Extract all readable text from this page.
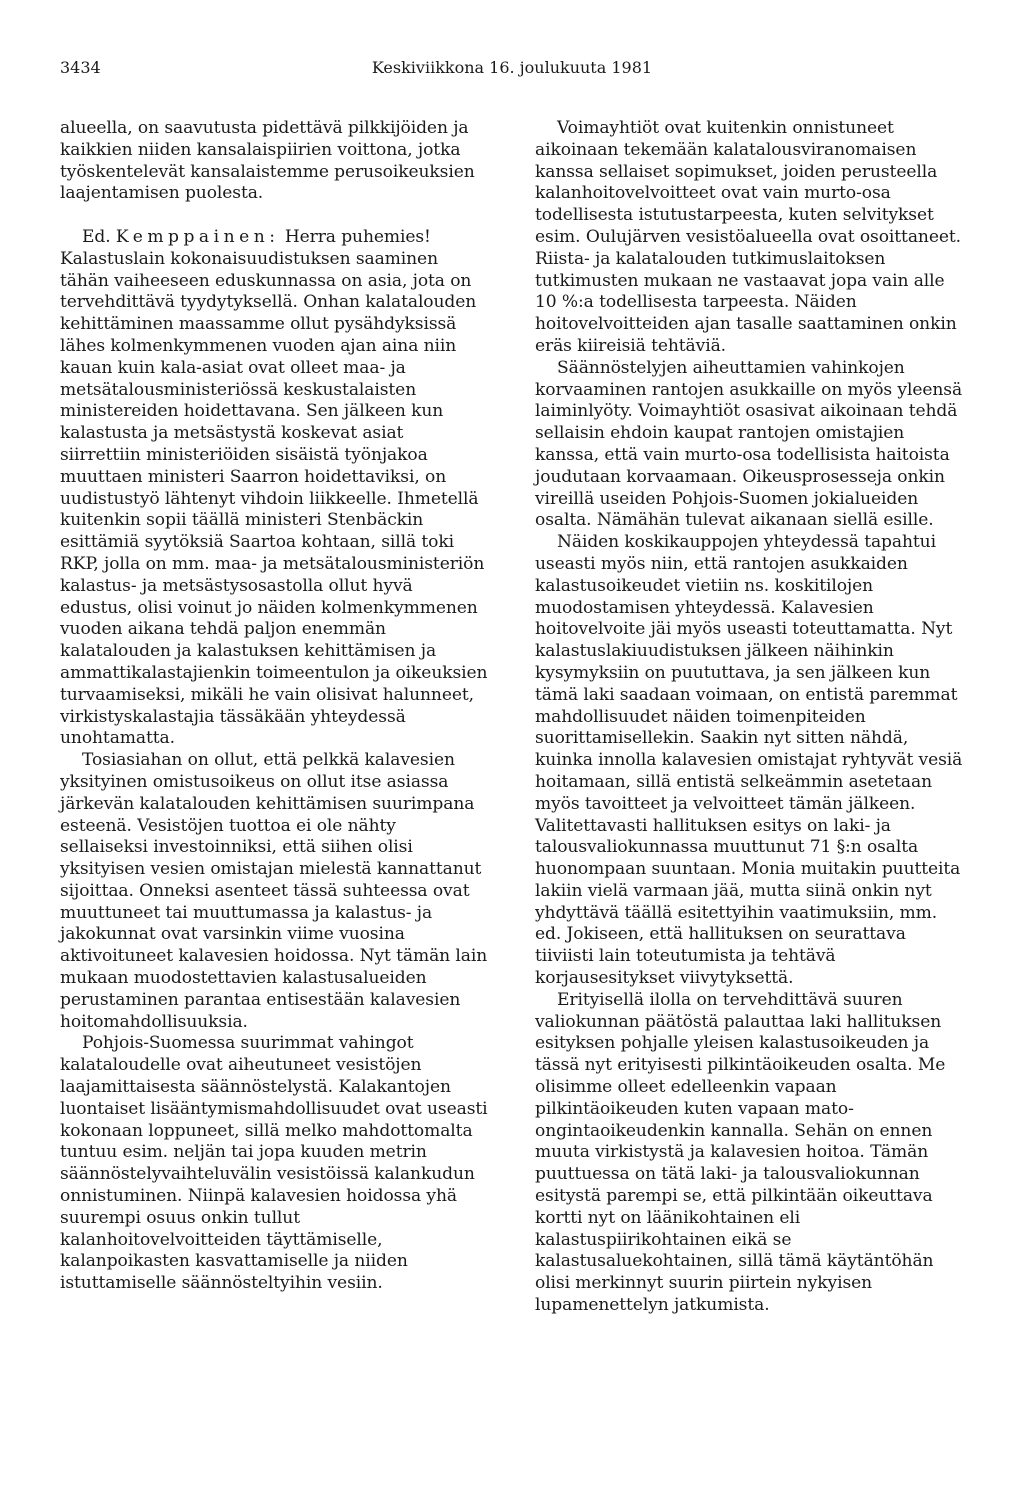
3434	Keskiviikkona 16. joulukuuta 1981

alueella, on saavutusta pidettävä pilkkijöiden ja kaikkien niiden kansalaispiirien voittona, jotka työskentelevät kansalaistemme perusoikeuksien laajentamisen puolesta.

Ed. Kemppainen: Herra puhemies! Kalastuslain kokonaisuudistuksen saaminen tähän vaiheeseen eduskunnassa on asia, jota on tervehdittävä tyydytyksellä. Onhan kalatalouden kehittäminen maassamme ollut pysähdyksissä lähes kolmenkymmenen vuoden ajan aina niin kauan kuin kala-asiat ovat olleet maa- ja metsätalousministeriössä keskustalaisten ministereiden hoidettavana. Sen jälkeen kun kalastusta ja metsästystä koskevat asiat siirrettiin ministeriöiden sisäistä työnjakoa muuttaen ministeri Saarron hoidettaviksi, on uudistustyö lähtenyt vihdoin liikkeelle. Ihmetellä kuitenkin sopii täällä ministeri Stenbäckin esittämiä syytöksiä Saartoa kohtaan, sillä toki RKP, jolla on mm. maa- ja metsätalousministeriön kalastus- ja metsästysosastolla ollut hyvä edustus, olisi voinut jo näiden kolmenkymmenen vuoden aikana tehdä paljon enemmän kalatalouden ja kalastuksen kehittämisen ja ammattikalastajienkin toimeentulon ja oikeuksien turvaamiseksi, mikäli he vain olisivat halunneet, virkistyskalastajia tässäkään yhteydessä unohtamatta.

Tosiasiahan on ollut, että pelkkä kalavesien yksityinen omistusoikeus on ollut itse asiassa järkevän kalatalouden kehittämisen suurimpana esteenä. Vesistöjen tuottoa ei ole nähty sellaiseksi investoinniksi, että siihen olisi yksityisen vesien omistajan mielestä kannattanut sijoittaa. Onneksi asenteet tässä suhteessa ovat muuttuneet tai muuttumassa ja kalastus- ja jakokunnat ovat varsinkin viime vuosina aktivoituneet kalavesien hoidossa. Nyt tämän lain mukaan muodostettavien kalastusalueiden perustaminen parantaa entisestään kalavesien hoitomahdollisuuksia.

Pohjois-Suomessa suurimmat vahingot kalataloudelle ovat aiheutuneet vesistöjen laajamittaisesta säännöstelystä. Kalakantojen luontaiset lisääntymismahdollisuudet ovat useasti kokonaan loppuneet, sillä melko mahdottomalta tuntuu esim. neljän tai jopa kuuden metrin säännöstelyvaihteluvälin vesistöissä kalankudun onnistuminen. Niinpä kalavesien hoidossa yhä suurempi osuus onkin tullut kalanhoitovelvoitteiden täyttämiselle, kalanpoikasten kasvattamiselle ja niiden istuttamiselle säännösteltyihin vesiin.

Voimayhtiöt ovat kuitenkin onnistuneet aikoinaan tekemään kalatalousviranomaisen kanssa sellaiset sopimukset, joiden perusteella kalanhoitovelvoitteet ovat vain murto-osa todellisesta istutustarpeesta, kuten selvitykset esim. Oulujärven vesistöalueella ovat osoittaneet. Riista- ja kalatalouden tutkimuslaitoksen tutkimusten mukaan ne vastaavat jopa vain alle 10 %:a todellisesta tarpeesta. Näiden hoitovelvoitteiden ajan tasalle saattaminen onkin eräs kiireisiä tehtäviä.

Säännöstelyjen aiheuttamien vahinkojen korvaaminen rantojen asukkaille on myös yleensä laiminlyöty. Voimayhtiöt osasivat aikoinaan tehdä sellaisin ehdoin kaupat rantojen omistajien kanssa, että vain murto-osa todellisista haitoista joudutaan korvaamaan. Oikeusprosesseja onkin vireillä useiden Pohjois-Suomen jokialueiden osalta. Nämähän tulevat aikanaan siellä esille.

Näiden koskikauppojen yhteydessä tapahtui useasti myös niin, että rantojen asukkaiden kalastusoikeudet vietiin ns. koskitilojen muodostamisen yhteydessä. Kalavesien hoitovelvoite jäi myös useasti toteuttamatta. Nyt kalastuslakiuudistuksen jälkeen näihinkin kysymyksiin on puututtava, ja sen jälkeen kun tämä laki saadaan voimaan, on entistä paremmat mahdollisuudet näiden toimenpiteiden suorittamisellekin. Saakin nyt sitten nähdä, kuinka innolla kalavesien omistajat ryhtyvät vesiä hoitamaan, sillä entistä selkeämmin asetetaan myös tavoitteet ja velvoitteet tämän jälkeen. Valitettavasti hallituksen esitys on laki- ja talousvaliokunnassa muuttunut 71 §:n osalta huonompaan suuntaan. Monia muitakin puutteita lakiin vielä varmaan jää, mutta siinä onkin nyt yhdyttävä täällä esitettyihin vaatimuksiin, mm. ed. Jokiseen, että hallituksen on seurattava tiiviisti lain toteutumista ja tehtävä korjausesitykset viivytyksettä.

Erityisellä ilolla on tervehdittävä suuren valiokunnan päätöstä palauttaa laki hallituksen esityksen pohjalle yleisen kalastusoikeuden ja tässä nyt erityisesti pilkintäoikeuden osalta. Me olisimme olleet edelleenkin vapaan pilkintäoikeuden kuten vapaan mato-ongintaoikeudenkin kannalla. Sehän on ennen muuta virkistystä ja kalavesien hoitoa. Tämän puuttuessa on tätä laki- ja talousvaliokunnan esitystä parempi se, että pilkintään oikeuttava kortti nyt on läänikohtainen eli kalastuspiirikohtainen eikä se kalastusaluekohtainen, sillä tämä käytäntöhän olisi merkinnyt suurin piirtein nykyisen lupamenettelyn jatkumista.
